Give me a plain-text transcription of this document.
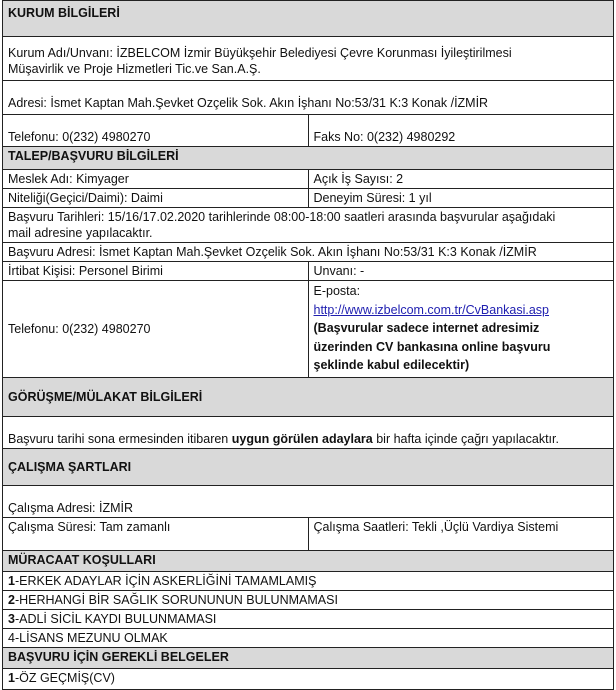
KURUM BİLGİLERİ	

Kurum Adı/Unvanı: İZBELCOM İzmir Büyükşehir Belediyesi Çevre Korunması İyileştirilmesi
Müşavirlik ve Proje Hizmetleri Tic.ve San.A.Ş.	

Adresi: İsmet Kaptan Mah.Şevket Ozçelik Sok. Akın İşhanı No:53/31 K:3 Konak /İZMİR	
Telefonu: 0(232) 4980270	Faks No: 0(232) 4980292
TALEP/BAŞVURU BİLGİLERİ	
Meslek Adı: Kimyager	Açık İş Sayısı: 2
Niteliği(Geçici/Daimi): Daimi	Deneyim Süresi: 1 yıl

Başvuru Tarihleri: 15/16/17.02.2020 tarihlerinde 08:00-18:00 saatleri arasında başvurular aşağıdaki
mail adresine yapılacaktır.	

Başvuru Adresi: İsmet Kaptan Mah.Şevket Ozçelik Sok. Akın İşhanı No:53/31 K:3 Konak /İZMİR	
İrtibat Kişisi: Personel Birimi	Unvanı: -
Telefonu: 0(232) 4980270	E-posta:
http://www.izbelcom.com.tr/CvBankasi.asp
(Başvurular sadece internet adresimiz
üzerinden CV bankasına online başvuru
şeklinde kabul edilecektir)

GÖRÜŞME/MÜLAKAT BİLGİLERİ	
Başvuru tarihi sona ermesinden itibaren uygun görülen adaylara bir hafta içinde çağrı yapılacaktır.	
ÇALIŞMA ŞARTLARI	
Çalışma Adresi: İZMİR	
Çalışma Süresi: Tam zamanlı	Çalışma Saatleri: Tekli ,Üçlü Vardiya Sistemi
MÜRACAAT KOŞULLARI	
1-ERKEK ADAYLAR İÇİN ASKERLİĞİNİ TAMAMLAMIŞ	
2-HERHANGİ BİR SAĞLIK SORUNUNUN BULUNMAMASI	
3-ADLİ SİCİL KAYDI BULUNMAMASI	
4-LİSANS MEZUNU OLMAK	
BAŞVURU İÇİN GEREKLİ BELGELER	
1-ÖZ GEÇMİŞ(CV)	
